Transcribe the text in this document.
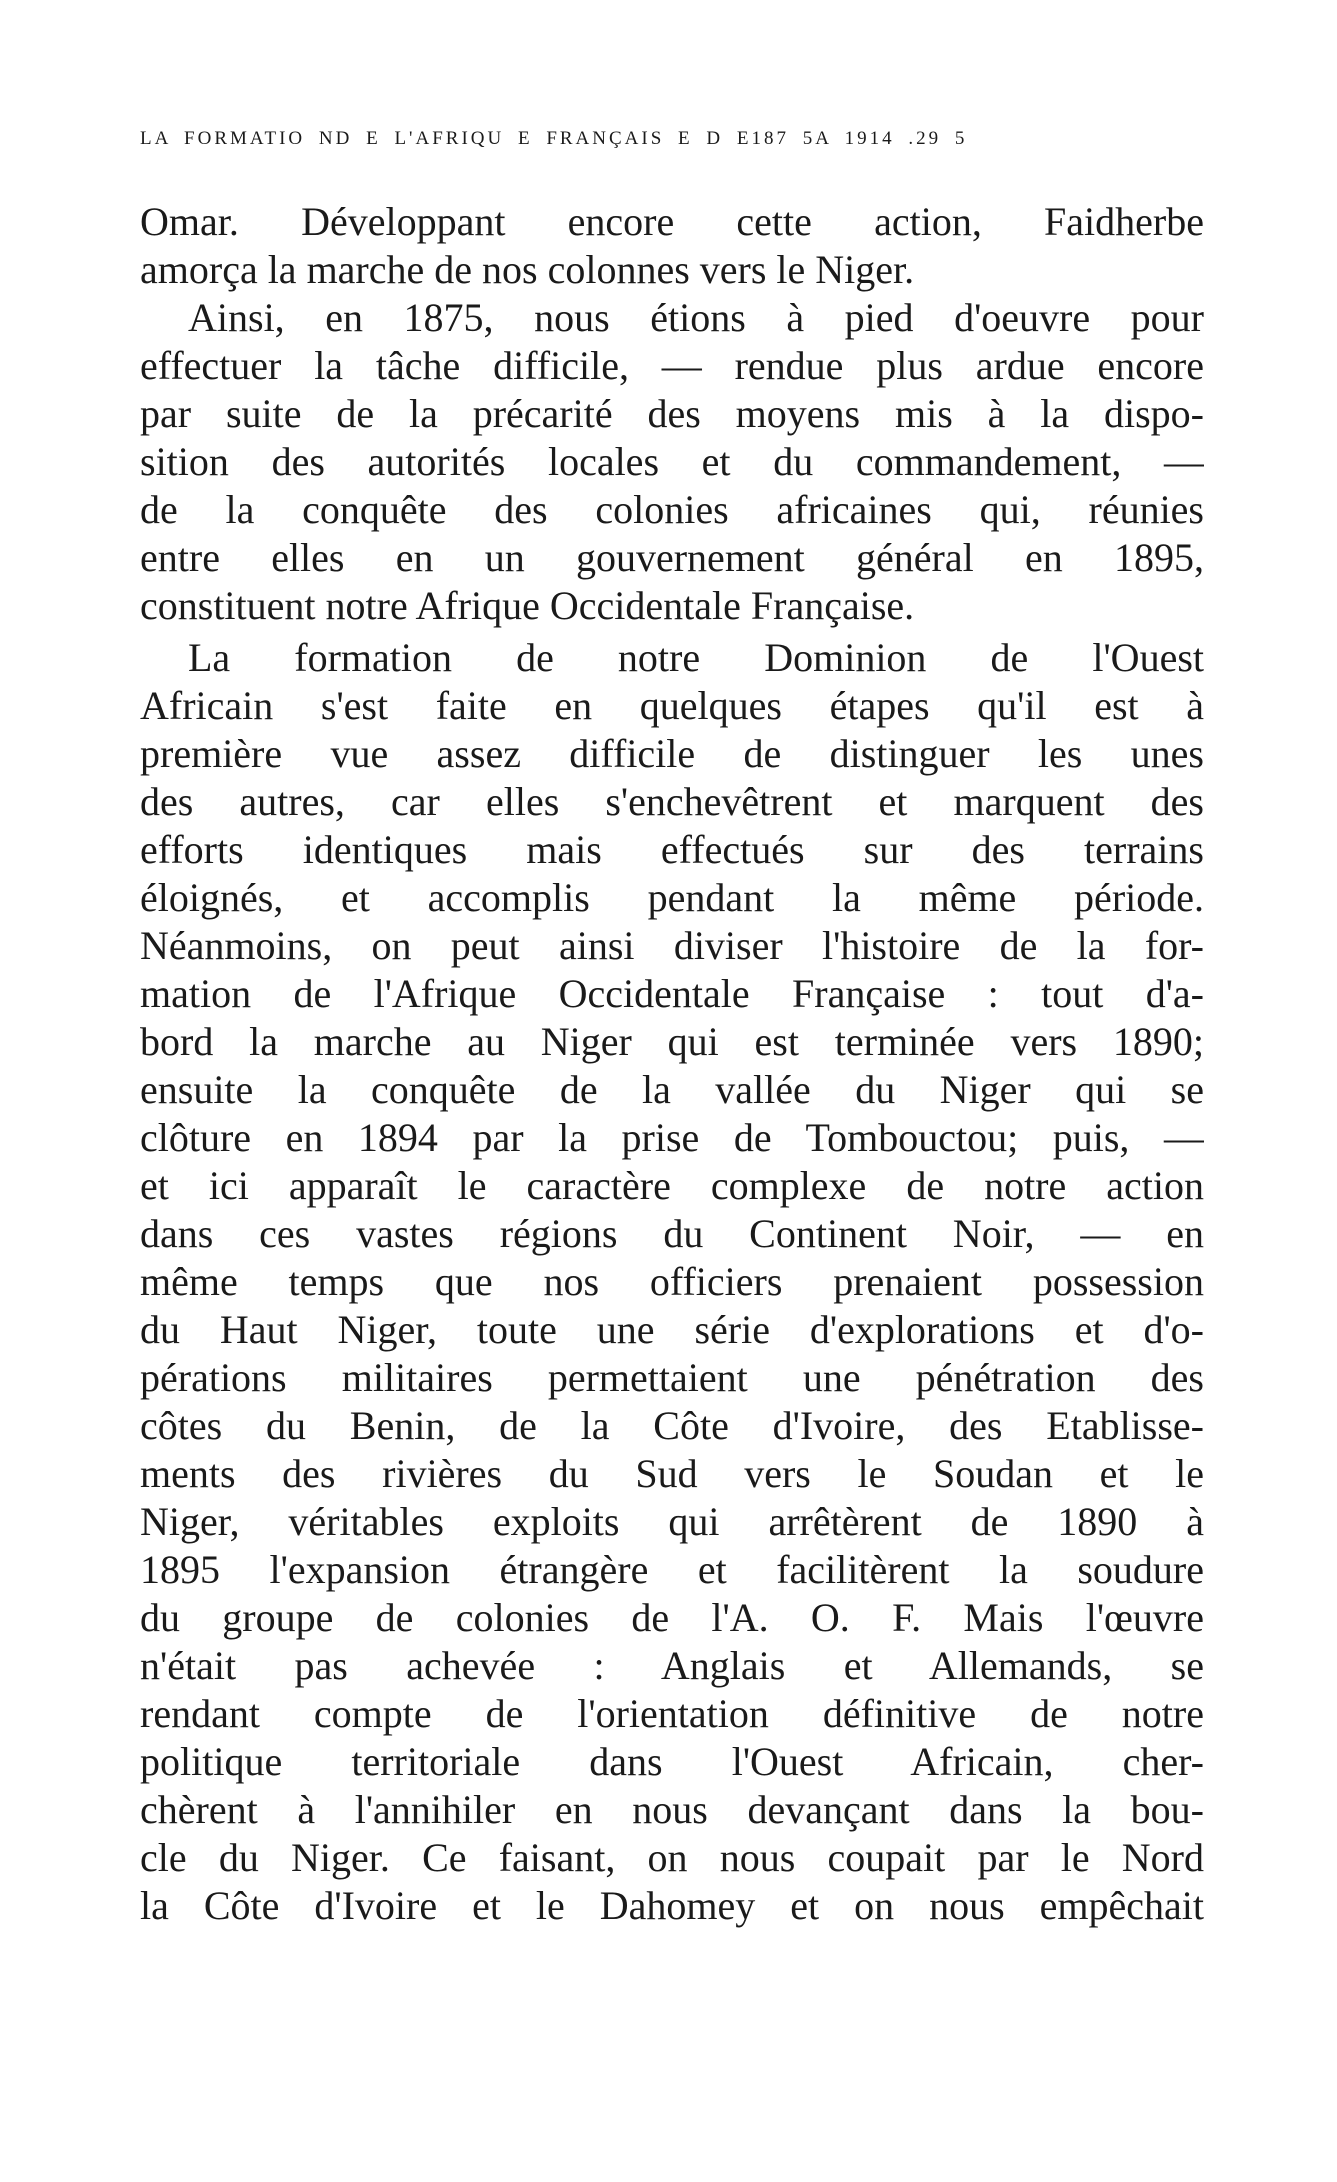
LA FORMATIO ND E L'AFRIQU E FRANÇAIS E D E187 5A 1914 .29 5
Omar. Développant encore cette action, Faidherbe
amorça la marche de nos colonnes vers le Niger.
Ainsi, en 1875, nous étions à pied d'oeuvre pour
effectuer la tâche difficile, — rendue plus ardue encore
par suite de la précarité des moyens mis à la dispo-
sition des autorités locales et du commandement, —
de la conquête des colonies africaines qui, réunies
entre elles en un gouvernement général en 1895,
constituent notre Afrique Occidentale Française.
La formation de notre Dominion de l'Ouest
Africain s'est faite en quelques étapes qu'il est à
première vue assez difficile de distinguer les unes
des autres, car elles s'enchevêtrent et marquent des
efforts identiques mais effectués sur des terrains
éloignés, et accomplis pendant la même période.
Néanmoins, on peut ainsi diviser l'histoire de la for-
mation de l'Afrique Occidentale Française : tout d'a-
bord la marche au Niger qui est terminée vers 1890;
ensuite la conquête de la vallée du Niger qui se
clôture en 1894 par la prise de Tombouctou; puis, —
et ici apparaît le caractère complexe de notre action
dans ces vastes régions du Continent Noir, — en
même temps que nos officiers prenaient possession
du Haut Niger, toute une série d'explorations et d'o-
pérations militaires permettaient une pénétration des
côtes du Benin, de la Côte d'Ivoire, des Etablisse-
ments des rivières du Sud vers le Soudan et le
Niger, véritables exploits qui arrêtèrent de 1890 à
1895 l'expansion étrangère et facilitèrent la soudure
du groupe de colonies de l'A. O. F. Mais l'œuvre
n'était pas achevée : Anglais et Allemands, se
rendant compte de l'orientation définitive de notre
politique territoriale dans l'Ouest Africain, cher-
chèrent à l'annihiler en nous devançant dans la bou-
cle du Niger. Ce faisant, on nous coupait par le Nord
la Côte d'Ivoire et le Dahomey et on nous empêchait
